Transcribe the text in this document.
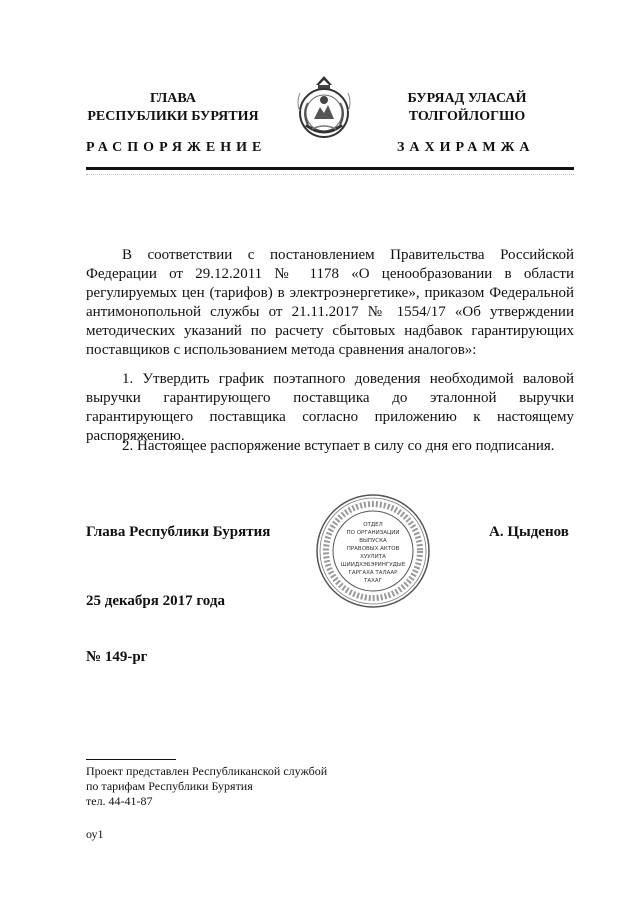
ГЛАВА
РЕСПУБЛИКИ БУРЯТИЯ
БУРЯАД УЛАСАЙ
ТОЛГОЙЛОГШО
РАСПОРЯЖЕНИЕ	ЗАХИРАМЖА
В соответствии с постановлением Правительства Российской Федерации от 29.12.2011 № 1178 «О ценообразовании в области регулируемых цен (тарифов) в электроэнергетике», приказом Федеральной антимонопольной службы от 21.11.2017 № 1554/17 «Об утверждении методических указаний по расчету сбытовых надбавок гарантирующих поставщиков с использованием метода сравнения аналогов»:
1. Утвердить график поэтапного доведения необходимой валовой выручки гарантирующего поставщика до эталонной выручки гарантирующего поставщика согласно приложению к настоящему распоряжению.
2. Настоящее распоряжение вступает в силу со дня его подписания.
Глава Республики Бурятия	ОТДЕЛ
ПО ОРГАНИЗАЦИИ
ВЫПУСКА
ПРАВОВЫХ АКТОВ
ХУУЛИТА
ШИИДХЭБЭРИНГУДЫЕ
ГАРГАХА ТАЛААР
ТАХАГ
А. Цыденов
25 декабря 2017 года
№ 149-рг
Проект представлен Республиканской службой
по тарифам Республики Бурятия
тел. 44-41-87
оу1
